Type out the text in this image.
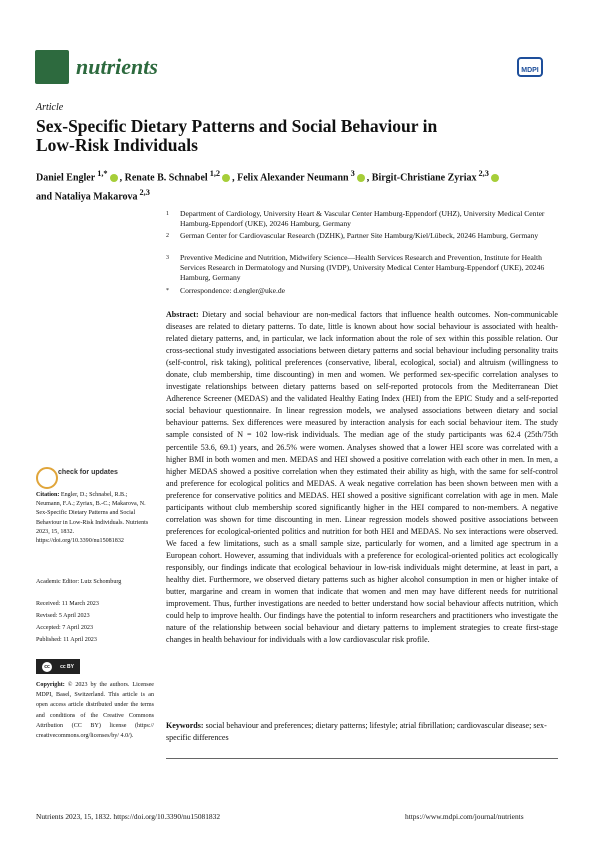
nutrients	MDPI
Article
Sex-Specific Dietary Patterns and Social Behaviour in Low-Risk Individuals
Daniel Engler  $^{1,*}$ , Renate B. Schnabel  $^{1,2}$ , Felix Alexander Neumann  $^3$ , Birgit-Christiane Zyriax  $^{2,3}$
and Nataliya Makarova  $^{2,3}$
1 Department of Cardiology, University Heart & Vascular Center Hamburg-Eppendorf (UHZ), University Medical Center Hamburg-Eppendorf (UKE), 20246 Hamburg, Germany
2 German Center for Cardiovascular Research (DZHK), Partner Site Hamburg/Kiel/Lübeck, 20246 Hamburg, Germany
3 Preventive Medicine and Nutrition, Midwifery Science—Health Services Research and Prevention, Institute for Health Services Research in Dermatology and Nursing (IVDP), University Medical Center Hamburg-Eppendorf (UKE), 20246 Hamburg, Germany
* Correspondence: d.engler@uke.de
Abstract: Dietary and social behaviour are non-medical factors that influence health outcomes. Non-communicable diseases are related to dietary patterns. To date, little is known about how social behaviour is associated with health-related dietary patterns, and, in particular, we lack information about the role of sex within this possible relation. Our cross-sectional study investigated associations between dietary patterns and social behaviour including personality traits (self-control, risk taking), political preferences (conservative, liberal, ecological, social) and altruism (willingness to donate, club membership, time discounting) in men and women. We performed sex-specific correlation analyses to investigate relationships between dietary patterns based on self-reported protocols from the Mediterranean Diet Adherence Screener (MEDAS) and the validated Healthy Eating Index (HEI) from the EPIC Study and a self-reported social behaviour questionnaire. In linear regression models, we analysed associations between dietary and social behaviour patterns. Sex differences were measured by interaction analysis for each social behaviour item. The study sample consisted of N = 102 low-risk individuals. The median age of the study participants was 62.4 (25th/75th percentile 53.6, 69.1) years, and 26.5% were women. Analyses showed that a lower HEI score was correlated with a higher BMI in both women and men. MEDAS and HEI showed a positive correlation with each other in men. In men, a higher MEDAS showed a positive correlation when they estimated their ability as high, with the same for self-control and preference for ecological politics and MEDAS. A weak negative correlation has been shown between men with a preference for conservative politics and MEDAS. HEI showed a positive significant correlation with age in men. Male participants without club membership scored significantly higher in the HEI compared to non-members. A negative correlation was shown for time discounting in men. Linear regression models showed positive associations between preferences for ecological-oriented politics and nutrition for both HEI and MEDAS. No sex interactions were observed. We faced a few limitations, such as a small sample size, particularly for women, and a limited age spectrum in a European cohort. However, assuming that individuals with a preference for ecological-oriented politics act ecologically responsibly, our findings indicate that ecological behaviour in low-risk individuals might determine, at least in part, a healthy diet. Furthermore, we observed dietary patterns such as higher alcohol consumption in men or higher intake of butter, margarine and cream in women that indicate that women and men may have different needs for nutritional improvement. Thus, further investigations are needed to better understand how social behaviour affects nutrition, which could help to improve health. Our findings have the potential to inform researchers and practitioners who investigate the nature of the relationship between social behaviour and dietary patterns to implement strategies to create first-stage changes in health behaviour for individuals with a low cardiovascular risk profile.
Keywords: social behaviour and preferences; dietary patterns; lifestyle; atrial fibrillation; cardiovascular disease; sex-specific differences
check for updates
Citation: Engler, D.; Schnabel, R.B.; Neumann, F.A.; Zyriax, B.-C.; Makarova, N. Sex-Specific Dietary Patterns and Social Behaviour in Low-Risk Individuals. Nutrients 2023, 15, 1832. https://doi.org/10.3390/nu15081832
Academic Editor: Lutz Schomburg
Received: 11 March 2023
Revised: 5 April 2023
Accepted: 7 April 2023
Published: 11 April 2023
cc	cc BY
Copyright: © 2023 by the authors. Licensee MDPI, Basel, Switzerland. This article is an open access article distributed under the terms and conditions of the Creative Commons Attribution (CC BY) license (https:// creativecommons.org/licenses/by/ 4.0/).
Nutrients 2023, 15, 1832. https://doi.org/10.3390/nu15081832	https://www.mdpi.com/journal/nutrients
